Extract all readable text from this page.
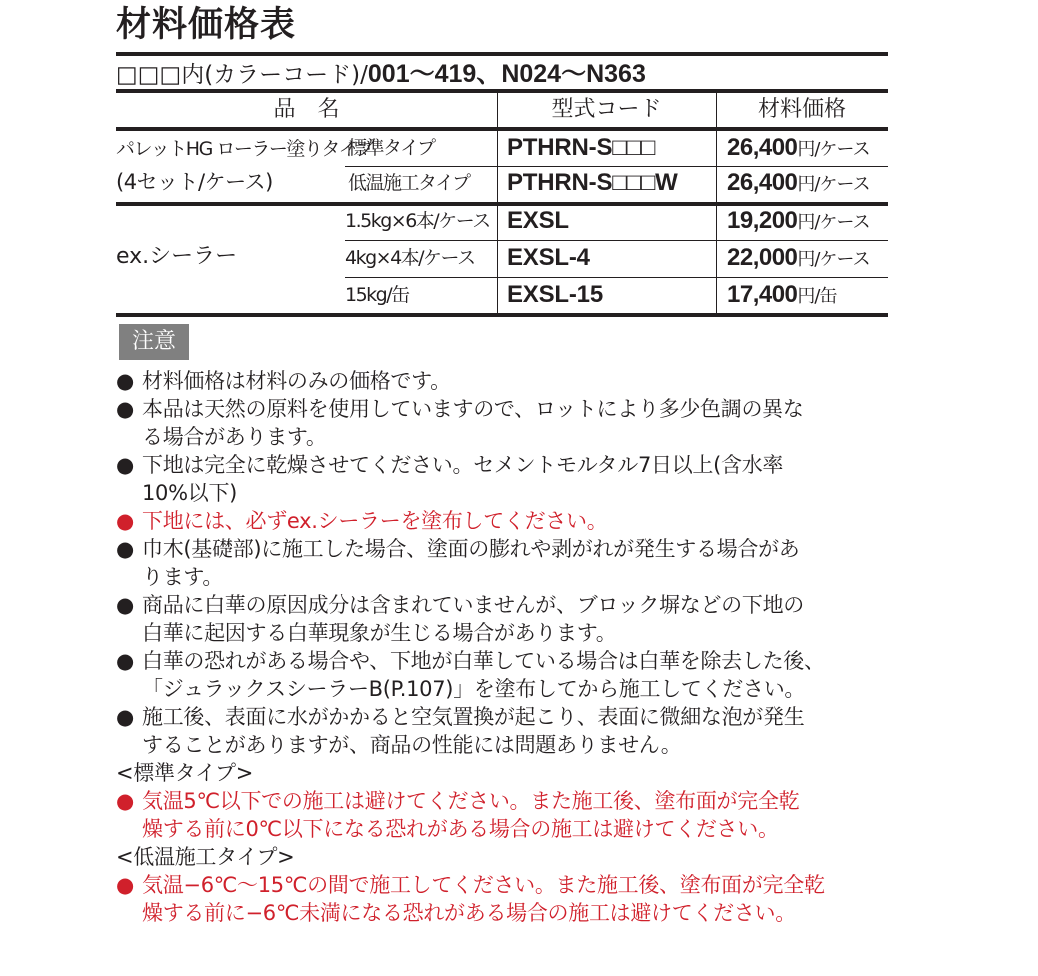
材料価格表
□□□内(カラーコード)/001〜419、N024〜N363
品　名	型式コード	材料価格
パレットHG ローラー塗りタイプ
(4セット/ケース)
標準タイプ	PTHRN-S□□□	26,400円/ケース
低温施工タイプ PTHRN-S□□□W 26,400円/ケース
ex.シーラー
1.5kg×6本/ケース EXSL	19,200円/ケース
4kg×4本/ケース EXSL-4	22,000円/ケース
15kg/缶	EXSL-15	17,400円/缶
注意
● 材料価格は材料のみの価格です。
● 本品は天然の原料を使用していますので、ロットにより多少色調の異な
る場合があります。
● 下地は完全に乾燥させてください。セメントモルタル7日以上(含水率
10%以下)
● 下地には、必ずex.シーラーを塗布してください。
● 巾木(基礎部)に施工した場合、塗面の膨れや剥がれが発生する場合があ
ります。
● 商品に白華の原因成分は含まれていませんが、ブロック塀などの下地の
白華に起因する白華現象が生じる場合があります。
● 白華の恐れがある場合や、下地が白華している場合は白華を除去した後、
「ジュラックスシーラーB(P.107)」を塗布してから施工してください。
● 施工後、表面に水がかかると空気置換が起こり、表面に微細な泡が発生
することがありますが、商品の性能には問題ありません。
<標準タイプ>
● 気温5℃以下での施工は避けてください。また施工後、塗布面が完全乾
燥する前に0℃以下になる恐れがある場合の施工は避けてください。
<低温施工タイプ>
● 気温−6℃〜15℃の間で施工してください。また施工後、塗布面が完全乾
燥する前に−6℃未満になる恐れがある場合の施工は避けてください。
